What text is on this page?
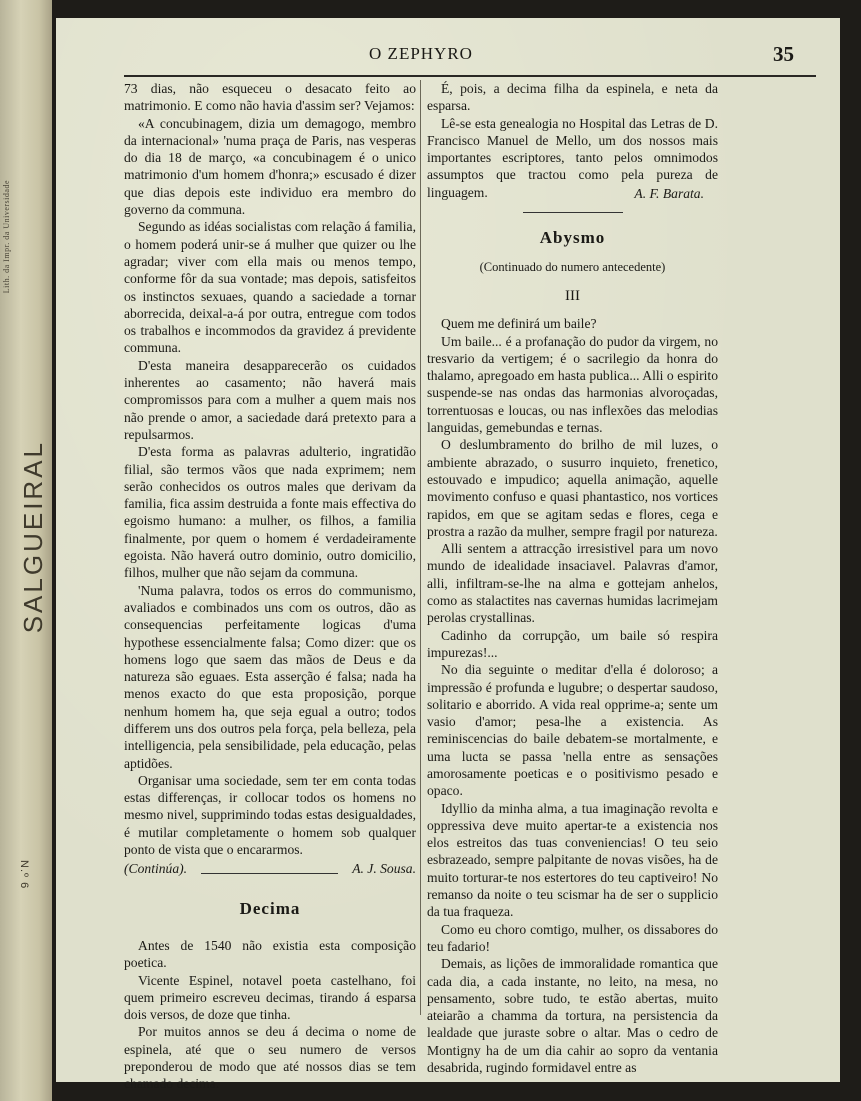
Lith. da Impr. da Universidade
SALGUEIRAL
N.º 6
O ZEPHYRO	35

73 dias, não esqueceu o desacato feito ao matrimonio. E como não havia d'assim ser? Vejamos:

«A concubinagem, dizia um demagogo, membro da internacional» 'numa praça de Paris, nas vesperas do dia 18 de março, «a concubinagem é o unico matrimonio d'um homem d'honra;» escusado é dizer que dias depois este individuo era membro do governo da communa.

Segundo as idéas socialistas com relação á familia, o homem poderá unir-se á mulher que quizer ou lhe agradar; viver com ella mais ou menos tempo, conforme fôr da sua vontade; mas depois, satisfeitos os instinctos sexuaes, quando a saciedade a tornar aborrecida, deixal-a-á por outra, entregue com todos os trabalhos e incommodos da gravidez á previdente communa.

D'esta maneira desapparecerão os cuidados inherentes ao casamento; não haverá mais compromissos para com a mulher a quem mais nos não prende o amor, a saciedade dará pretexto para a repulsarmos.

D'esta forma as palavras adulterio, ingratidão filial, são termos vãos que nada exprimem; nem serão conhecidos os outros males que derivam da familia, fica assim destruida a fonte mais effectiva do egoismo humano: a mulher, os filhos, a familia finalmente, por quem o homem é verdadeiramente egoista. Não haverá outro dominio, outro domicilio, filhos, mulher que não sejam da communa.

'Numa palavra, todos os erros do communismo, avaliados e combinados uns com os outros, dão as consequencias perfeitamente logicas d'uma hypothese essencialmente falsa; Como dizer: que os homens logo que saem das mãos de Deus e da natureza são eguaes. Esta asserção é falsa; nada ha menos exacto do que esta proposição, porque nenhum homem ha, que seja egual a outro; todos differem uns dos outros pela força, pela belleza, pela intelligencia, pela sensibilidade, pela educação, pelas aptidões.

Organisar uma sociedade, sem ter em conta todas estas differenças, ir collocar todos os homens no mesmo nivel, supprimindo todas estas desigualdades, é mutilar completamente o homem sob qualquer ponto de vista que o encararmos.

(Continúa).	A. J. Sousa.
Decima

Antes de 1540 não existia esta composição poetica.

Vicente Espinel, notavel poeta castelhano, foi quem primeiro escreveu decimas, tirando á esparsa dois versos, de doze que tinha.

Por muitos annos se deu á decima o nome de espinela, até que o seu numero de versos preponderou de modo que até nossos dias se tem chamado decima.

É, pois, a decima filha da espinela, e neta da esparsa.

Lê-se esta genealogia no Hospital das Letras de D. Francisco Manuel de Mello, um dos nossos mais importantes escriptores, tanto pelos omnimodos assumptos que tractou como pela pureza de linguagem.	A. F. Barata.
Abysmo
(Continuado do numero antecedente)
III

Quem me definirá um baile?

Um baile... é a profanação do pudor da virgem, no tresvario da vertigem; é o sacrilegio da honra do thalamo, apregoado em hasta publica... Alli o espirito suspende-se nas ondas das harmonias alvoroçadas, torrentuosas e loucas, ou nas inflexões das melodias languidas, gemebundas e ternas.

O deslumbramento do brilho de mil luzes, o ambiente abrazado, o susurro inquieto, frenetico, estouvado e impudico; aquella animação, aquelle movimento confuso e quasi phantastico, nos vortices rapidos, em que se agitam sedas e flores, cega e prostra a razão da mulher, sempre fragil por natureza.

Alli sentem a attracção irresistivel para um novo mundo de idealidade insaciavel. Palavras d'amor, alli, infiltram-se-lhe na alma e gottejam anhelos, como as stalactites nas cavernas humidas lacrimejam perolas crystallinas.

Cadinho da corrupção, um baile só respira impurezas!...

No dia seguinte o meditar d'ella é doloroso; a impressão é profunda e lugubre; o despertar saudoso, solitario e aborrido. A vida real opprime-a; sente um vasio d'amor; pesa-lhe a existencia. As reminiscencias do baile debatem-se mortalmente, e uma lucta se passa 'nella entre as sensações amorosamente poeticas e o positivismo pesado e opaco.

Idyllio da minha alma, a tua imaginação revolta e oppressiva deve muito apertar-te a existencia nos elos estreitos das tuas conveniencias! O teu seio esbrazeado, sempre palpitante de novas visões, ha de muito torturar-te nos estertores do teu captiveiro! No remanso da noite o teu scismar ha de ser o supplicio da tua fraqueza.

Como eu choro comtigo, mulher, os dissabores do teu fadario!

Demais, as lições de immoralidade romantica que cada dia, a cada instante, no leito, na mesa, no pensamento, sobre tudo, te estão abertas, muito ateiarão a chamma da tortura, na persistencia da lealdade que juraste sobre o altar. Mas o cedro de Montigny ha de um dia cahir ao sopro da ventania desabrida, rugindo formidavel entre as
